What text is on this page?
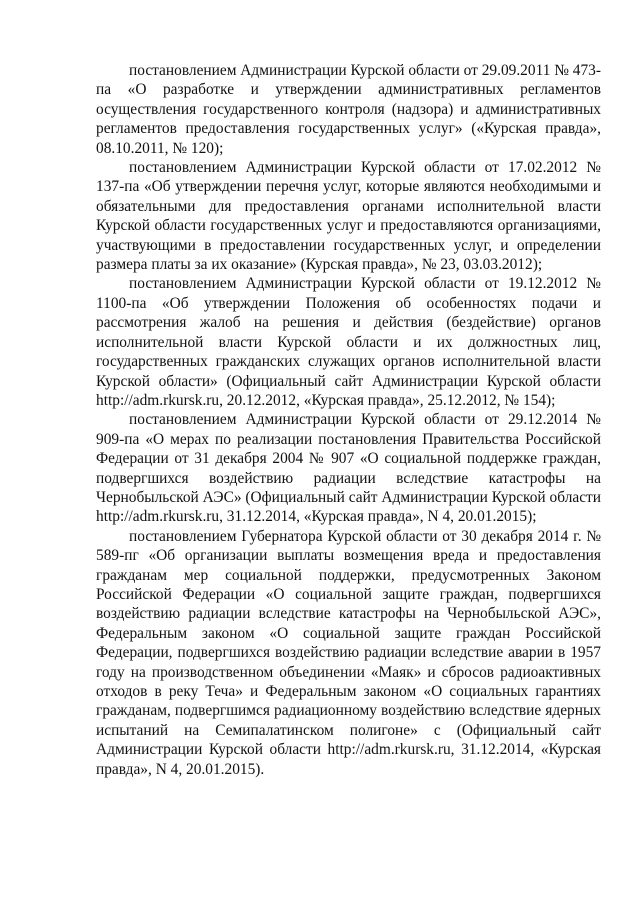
постановлением Администрации Курской области от 29.09.2011 № 473-па «О разработке и утверждении административных регламентов осуществления государственного контроля (надзора) и административных регламентов предоставления государственных услуг» («Курская правда», 08.10.2011, № 120);

постановлением Администрации Курской области от 17.02.2012 № 137-па «Об утверждении перечня услуг, которые являются необходимыми и обязательными для предоставления органами исполнительной власти Курской области государственных услуг и предоставляются организациями, участвующими в предоставлении государственных услуг, и определении размера платы за их оказание» (Курская правда», № 23, 03.03.2012);

постановлением Администрации Курской области от 19.12.2012 № 1100-па «Об утверждении Положения об особенностях подачи и рассмотрения жалоб на решения и действия (бездействие) органов исполнительной власти Курской области и их должностных лиц, государственных гражданских служащих органов исполнительной власти Курской области» (Официальный сайт Администрации Курской области http://adm.rkursk.ru, 20.12.2012, «Курская правда», 25.12.2012, № 154);

постановлением Администрации Курской области от 29.12.2014 № 909-па «О мерах по реализации постановления Правительства Российской Федерации от 31 декабря 2004 № 907 «О социальной поддержке граждан, подвергшихся воздействию радиации вследствие катастрофы на Чернобыльской АЭС» (Официальный сайт Администрации Курской области http://adm.rkursk.ru, 31.12.2014, «Курская правда», N 4, 20.01.2015);

постановлением Губернатора Курской области от 30 декабря 2014 г. № 589-пг «Об организации выплаты возмещения вреда и предоставления гражданам мер социальной поддержки, предусмотренных Законом Российской Федерации «О социальной защите граждан, подвергшихся воздействию радиации вследствие катастрофы на Чернобыльской АЭС», Федеральным законом «О социальной защите граждан Российской Федерации, подвергшихся воздействию радиации вследствие аварии в 1957 году на производственном объединении «Маяк» и сбросов радиоактивных отходов в реку Теча» и Федеральным законом «О социальных гарантиях гражданам, подвергшимся радиационному воздействию вследствие ядерных испытаний на Семипалатинском полигоне» с (Официальный сайт Администрации Курской области http://adm.rkursk.ru, 31.12.2014, «Курская правда», N 4, 20.01.2015).
